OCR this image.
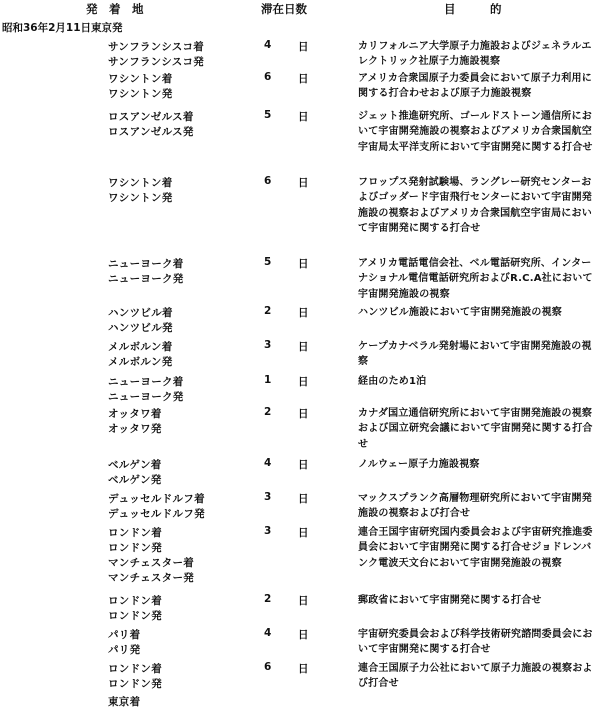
発　着　地	滞在日数	目　　　的
昭和36年2月11日東京発
サンフランシスコ着
サンフランシスコ発
4	日	カリフォルニア大学原子力施設およびジェネラルエレクトリック社原子力施設視察
ワシントン着
ワシントン発
6	日	アメリカ合衆国原子力委員会において原子力利用に関する打合わせおよび原子力施設視察
ロスアンゼルス着
ロスアンゼルス発
5	日	ジェット推進研究所、ゴールドストーン通信所において宇宙開発施設の視察およびアメリカ合衆国航空宇宙局太平洋支所において宇宙開発に関する打合せ
ワシントン着
ワシントン発
6	日	フロップス発射試験場、ラングレー研究センターおよびゴッダード宇宙飛行センターにおいて宇宙開発施設の視察およびアメリカ合衆国航空宇宙局において宇宙開発に関する打合せ
ニューヨーク着
ニューヨーク発
5	日	アメリカ電話電信会社、ベル電話研究所、インターナショナル電信電話研究所およびR.C.A社において宇宙開発施設の視察
ハンツビル着
ハンツビル発
2	日	ハンツビル施設において宇宙開発施設の視察
メルボルン着
メルボルン発
3	日	ケープカナベラル発射場において宇宙開発施設の視察
ニューヨーク着
ニューヨーク発
1	日	経由のため1泊
オッタワ着
オッタワ発
2	日	カナダ国立通信研究所において宇宙開発施設の視察および国立研究会議において宇宙開発に関する打合せ
ベルゲン着
ベルゲン発
4	日	ノルウェー原子力施設視察
デュッセルドルフ着
デュッセルドルフ発
3	日	マックスプランク高層物理研究所において宇宙開発施設の視察および打合せ
ロンドン着
ロンドン発
マンチェスター着
マンチェスター発
3	日	連合王国宇宙研究国内委員会および宇宙研究推進委員会において宇宙開発に関する打合せジョドレンバンク電波天文台において宇宙開発施設の視察
ロンドン着
ロンドン発
2	日	郵政省において宇宙開発に関する打合せ
パリ着
パリ発
4	日	宇宙研究委員会および科学技術研究諮問委員会において宇宙開発に関する打合せ
ロンドン着
ロンドン発
6	日	連合王国原子力公社において原子力施設の視察および打合せ
東京着
